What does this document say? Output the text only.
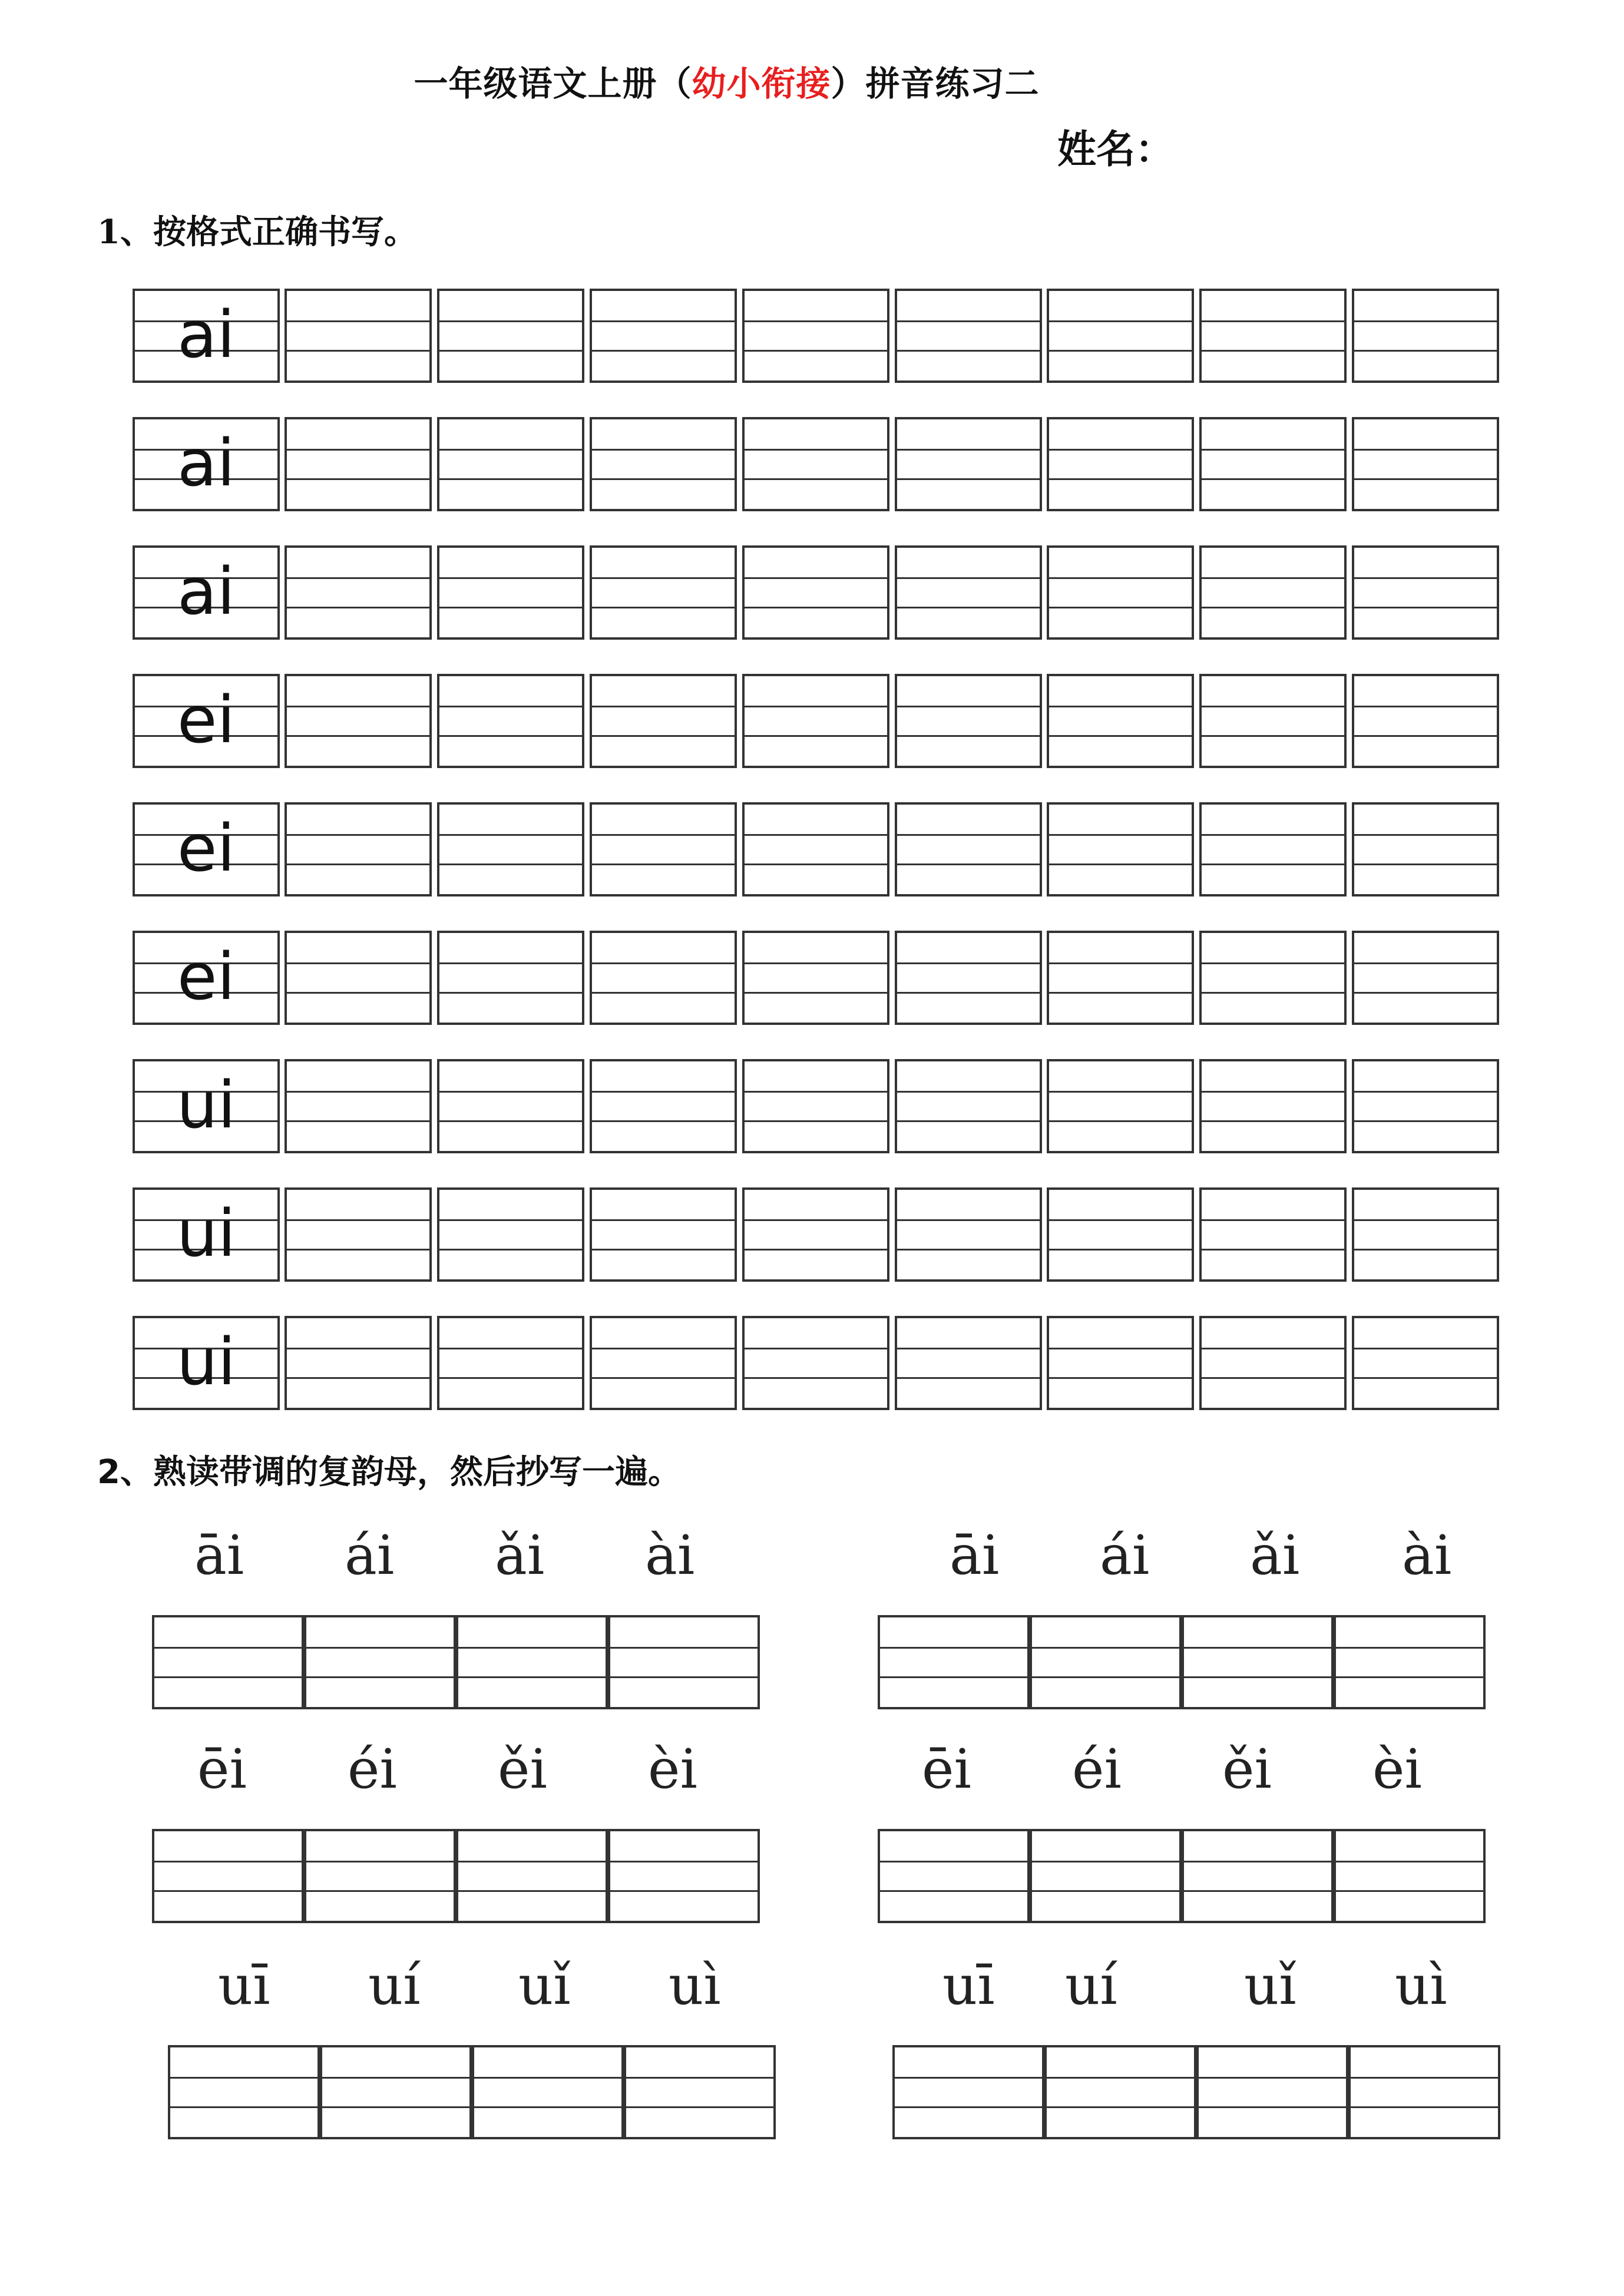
一年级语文上册（幼小衔接）拼音练习二
姓名：
1、按格式正确书写。
ai
ai
ai
ei
ei
ei
ui
ui
ui
2、熟读带调的复韵母，然后抄写一遍。
āi ái ǎi ài	āi ái ǎi ài
ēi éi ěi èi	ēi éi ěi èi
uī uí uǐ uì	uī uí uǐ uì
